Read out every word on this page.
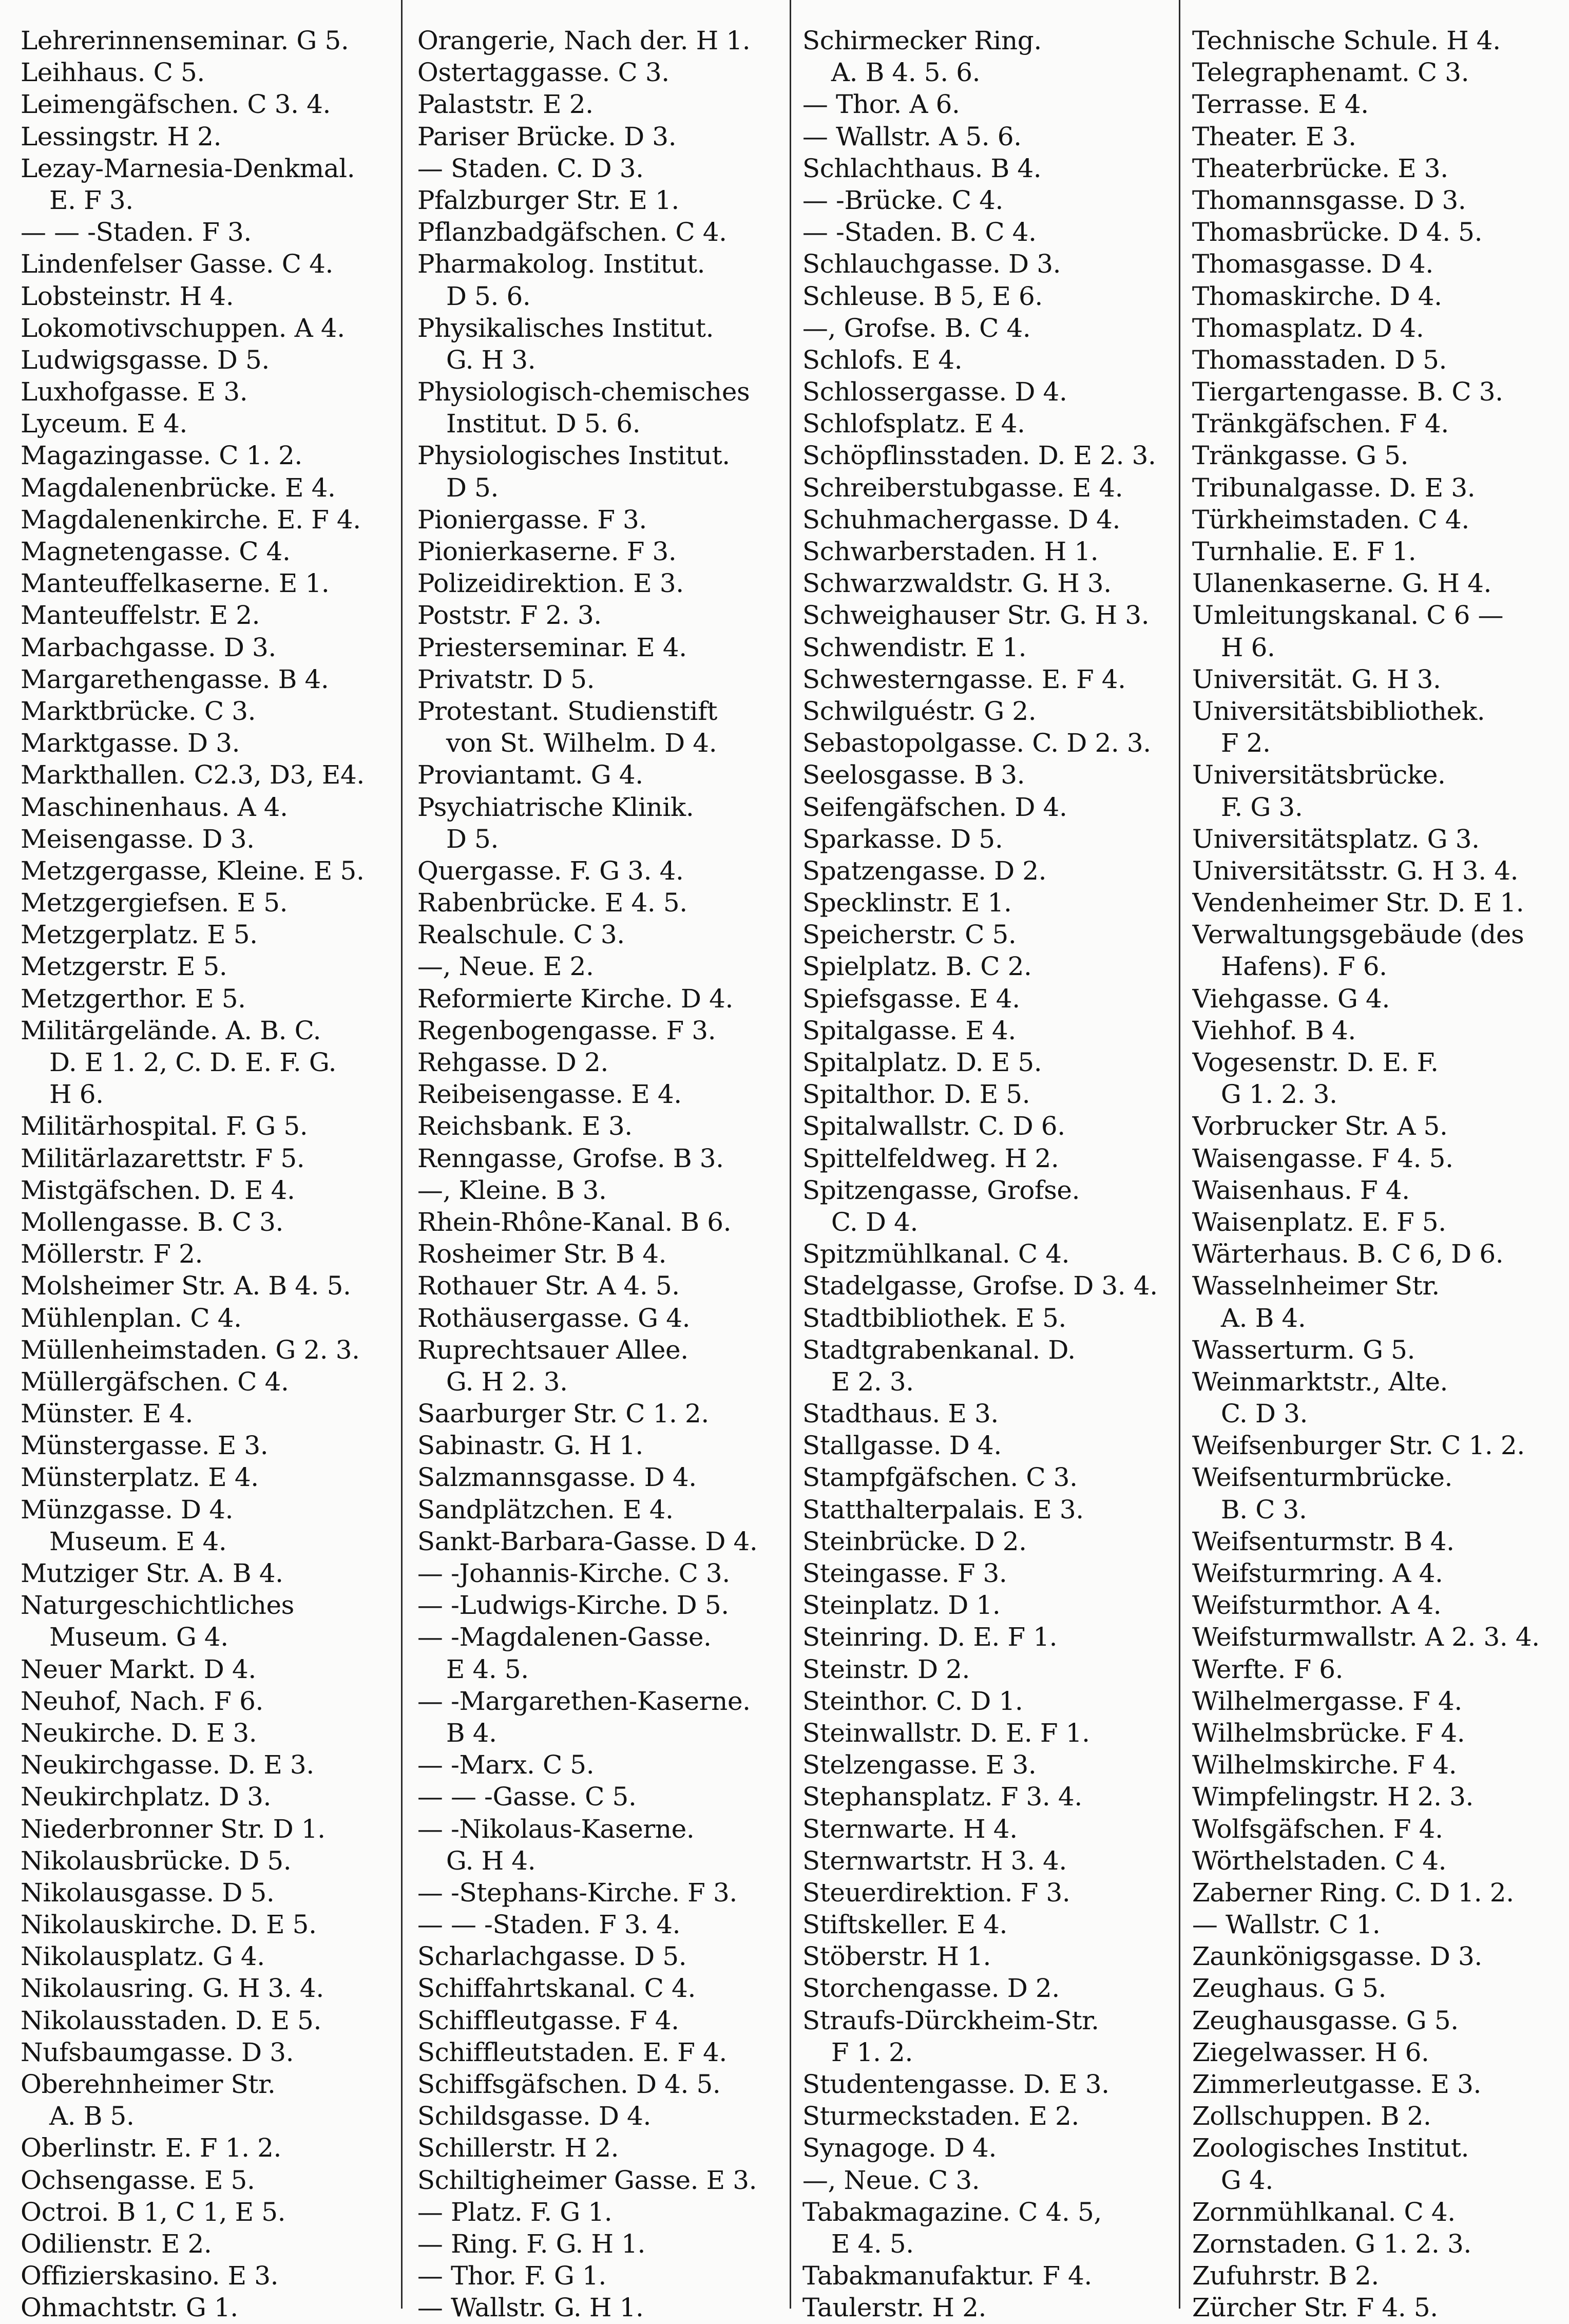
Lehrerinnenseminar. G 5.
Leihhaus. C 5.
Leimengäfschen. C 3. 4.
Lessingstr. H 2.
Lezay-Marnesia-Denkmal.
E. F 3.
— — -Staden. F 3.
Lindenfelser Gasse. C 4.
Lobsteinstr. H 4.
Lokomotivschuppen. A 4.
Ludwigsgasse. D 5.
Luxhofgasse. E 3.
Lyceum. E 4.
Magazingasse. C 1. 2.
Magdalenenbrücke. E 4.
Magdalenenkirche. E. F 4.
Magnetengasse. C 4.
Manteuffelkaserne. E 1.
Manteuffelstr. E 2.
Marbachgasse. D 3.
Margarethengasse. B 4.
Marktbrücke. C 3.
Marktgasse. D 3.
Markthallen. C2.3, D3, E4.
Maschinenhaus. A 4.
Meisengasse. D 3.
Metzgergasse, Kleine. E 5.
Metzgergiefsen. E 5.
Metzgerplatz. E 5.
Metzgerstr. E 5.
Metzgerthor. E 5.
Militärgelände. A. B. C.
D. E 1. 2, C. D. E. F. G.
H 6.
Militärhospital. F. G 5.
Militärlazarettstr. F 5.
Mistgäfschen. D. E 4.
Mollengasse. B. C 3.
Möllerstr. F 2.
Molsheimer Str. A. B 4. 5.
Mühlenplan. C 4.
Müllenheimstaden. G 2. 3.
Müllergäfschen. C 4.
Münster. E 4.
Münstergasse. E 3.
Münsterplatz. E 4.
Münzgasse. D 4.
Museum. E 4.
Mutziger Str. A. B 4.
Naturgeschichtliches
Museum. G 4.
Neuer Markt. D 4.
Neuhof, Nach. F 6.
Neukirche. D. E 3.
Neukirchgasse. D. E 3.
Neukirchplatz. D 3.
Niederbronner Str. D 1.
Nikolausbrücke. D 5.
Nikolausgasse. D 5.
Nikolauskirche. D. E 5.
Nikolausplatz. G 4.
Nikolausring. G. H 3. 4.
Nikolausstaden. D. E 5.
Nufsbaumgasse. D 3.
Oberehnheimer Str.
A. B 5.
Oberlinstr. E. F 1. 2.
Ochsengasse. E 5.
Octroi. B 1, C 1, E 5.
Odilienstr. E 2.
Offizierskasino. E 3.
Ohmachtstr. G 1.
Orangerie, Nach der. H 1.
Ostertaggasse. C 3.
Palaststr. E 2.
Pariser Brücke. D 3.
— Staden. C. D 3.
Pfalzburger Str. E 1.
Pflanzbadgäfschen. C 4.
Pharmakolog. Institut.
D 5. 6.
Physikalisches Institut.
G. H 3.
Physiologisch-chemisches
Institut. D 5. 6.
Physiologisches Institut.
D 5.
Pioniergasse. F 3.
Pionierkaserne. F 3.
Polizeidirektion. E 3.
Poststr. F 2. 3.
Priesterseminar. E 4.
Privatstr. D 5.
Protestant. Studienstift
von St. Wilhelm. D 4.
Proviantamt. G 4.
Psychiatrische Klinik.
D 5.
Quergasse. F. G 3. 4.
Rabenbrücke. E 4. 5.
Realschule. C 3.
—, Neue. E 2.
Reformierte Kirche. D 4.
Regenbogengasse. F 3.
Rehgasse. D 2.
Reibeisengasse. E 4.
Reichsbank. E 3.
Renngasse, Grofse. B 3.
—, Kleine. B 3.
Rhein-Rhône-Kanal. B 6.
Rosheimer Str. B 4.
Rothauer Str. A 4. 5.
Rothäusergasse. G 4.
Ruprechtsauer Allee.
G. H 2. 3.
Saarburger Str. C 1. 2.
Sabinastr. G. H 1.
Salzmannsgasse. D 4.
Sandplätzchen. E 4.
Sankt-Barbara-Gasse. D 4.
— -Johannis-Kirche. C 3.
— -Ludwigs-Kirche. D 5.
— -Magdalenen-Gasse.
E 4. 5.
— -Margarethen-Kaserne.
B 4.
— -Marx. C 5.
— — -Gasse. C 5.
— -Nikolaus-Kaserne.
G. H 4.
— -Stephans-Kirche. F 3.
— — -Staden. F 3. 4.
Scharlachgasse. D 5.
Schiffahrtskanal. C 4.
Schiffleutgasse. F 4.
Schiffleutstaden. E. F 4.
Schiffsgäfschen. D 4. 5.
Schildsgasse. D 4.
Schillerstr. H 2.
Schiltigheimer Gasse. E 3.
— Platz. F. G 1.
— Ring. F. G. H 1.
— Thor. F. G 1.
— Wallstr. G. H 1.
Schirmecker Ring.
A. B 4. 5. 6.
— Thor. A 6.
— Wallstr. A 5. 6.
Schlachthaus. B 4.
— -Brücke. C 4.
— -Staden. B. C 4.
Schlauchgasse. D 3.
Schleuse. B 5, E 6.
—, Grofse. B. C 4.
Schlofs. E 4.
Schlossergasse. D 4.
Schlofsplatz. E 4.
Schöpflinsstaden. D. E 2. 3.
Schreiberstubgasse. E 4.
Schuhmachergasse. D 4.
Schwarberstaden. H 1.
Schwarzwaldstr. G. H 3.
Schweighauser Str. G. H 3.
Schwendistr. E 1.
Schwesterngasse. E. F 4.
Schwilguéstr. G 2.
Sebastopolgasse. C. D 2. 3.
Seelosgasse. B 3.
Seifengäfschen. D 4.
Sparkasse. D 5.
Spatzengasse. D 2.
Specklinstr. E 1.
Speicherstr. C 5.
Spielplatz. B. C 2.
Spiefsgasse. E 4.
Spitalgasse. E 4.
Spitalplatz. D. E 5.
Spitalthor. D. E 5.
Spitalwallstr. C. D 6.
Spittelfeldweg. H 2.
Spitzengasse, Grofse.
C. D 4.
Spitzmühlkanal. C 4.
Stadelgasse, Grofse. D 3. 4.
Stadtbibliothek. E 5.
Stadtgrabenkanal. D.
E 2. 3.
Stadthaus. E 3.
Stallgasse. D 4.
Stampfgäfschen. C 3.
Statthalterpalais. E 3.
Steinbrücke. D 2.
Steingasse. F 3.
Steinplatz. D 1.
Steinring. D. E. F 1.
Steinstr. D 2.
Steinthor. C. D 1.
Steinwallstr. D. E. F 1.
Stelzengasse. E 3.
Stephansplatz. F 3. 4.
Sternwarte. H 4.
Sternwartstr. H 3. 4.
Steuerdirektion. F 3.
Stiftskeller. E 4.
Stöberstr. H 1.
Storchengasse. D 2.
Straufs-Dürckheim-Str.
F 1. 2.
Studentengasse. D. E 3.
Sturmeckstaden. E 2.
Synagoge. D 4.
—, Neue. C 3.
Tabakmagazine. C 4. 5,
E 4. 5.
Tabakmanufaktur. F 4.
Taulerstr. H 2.
Technische Schule. H 4.
Telegraphenamt. C 3.
Terrasse. E 4.
Theater. E 3.
Theaterbrücke. E 3.
Thomannsgasse. D 3.
Thomasbrücke. D 4. 5.
Thomasgasse. D 4.
Thomaskirche. D 4.
Thomasplatz. D 4.
Thomasstaden. D 5.
Tiergartengasse. B. C 3.
Tränkgäfschen. F 4.
Tränkgasse. G 5.
Tribunalgasse. D. E 3.
Türkheimstaden. C 4.
Turnhalie. E. F 1.
Ulanenkaserne. G. H 4.
Umleitungskanal. C 6 —
H 6.
Universität. G. H 3.
Universitätsbibliothek.
F 2.
Universitätsbrücke.
F. G 3.
Universitätsplatz. G 3.
Universitätsstr. G. H 3. 4.
Vendenheimer Str. D. E 1.
Verwaltungsgebäude (des
Hafens). F 6.
Viehgasse. G 4.
Viehhof. B 4.
Vogesenstr. D. E. F.
G 1. 2. 3.
Vorbrucker Str. A 5.
Waisengasse. F 4. 5.
Waisenhaus. F 4.
Waisenplatz. E. F 5.
Wärterhaus. B. C 6, D 6.
Wasselnheimer Str.
A. B 4.
Wasserturm. G 5.
Weinmarktstr., Alte.
C. D 3.
Weifsenburger Str. C 1. 2.
Weifsenturmbrücke.
B. C 3.
Weifsenturmstr. B 4.
Weifsturmring. A 4.
Weifsturmthor. A 4.
Weifsturmwallstr. A 2. 3. 4.
Werfte. F 6.
Wilhelmergasse. F 4.
Wilhelmsbrücke. F 4.
Wilhelmskirche. F 4.
Wimpfelingstr. H 2. 3.
Wolfsgäfschen. F 4.
Wörthelstaden. C 4.
Zaberner Ring. C. D 1. 2.
— Wallstr. C 1.
Zaunkönigsgasse. D 3.
Zeughaus. G 5.
Zeughausgasse. G 5.
Ziegelwasser. H 6.
Zimmerleutgasse. E 3.
Zollschuppen. B 2.
Zoologisches Institut.
G 4.
Zornmühlkanal. C 4.
Zornstaden. G 1. 2. 3.
Zufuhrstr. B 2.
Zürcher Str. F 4. 5.
